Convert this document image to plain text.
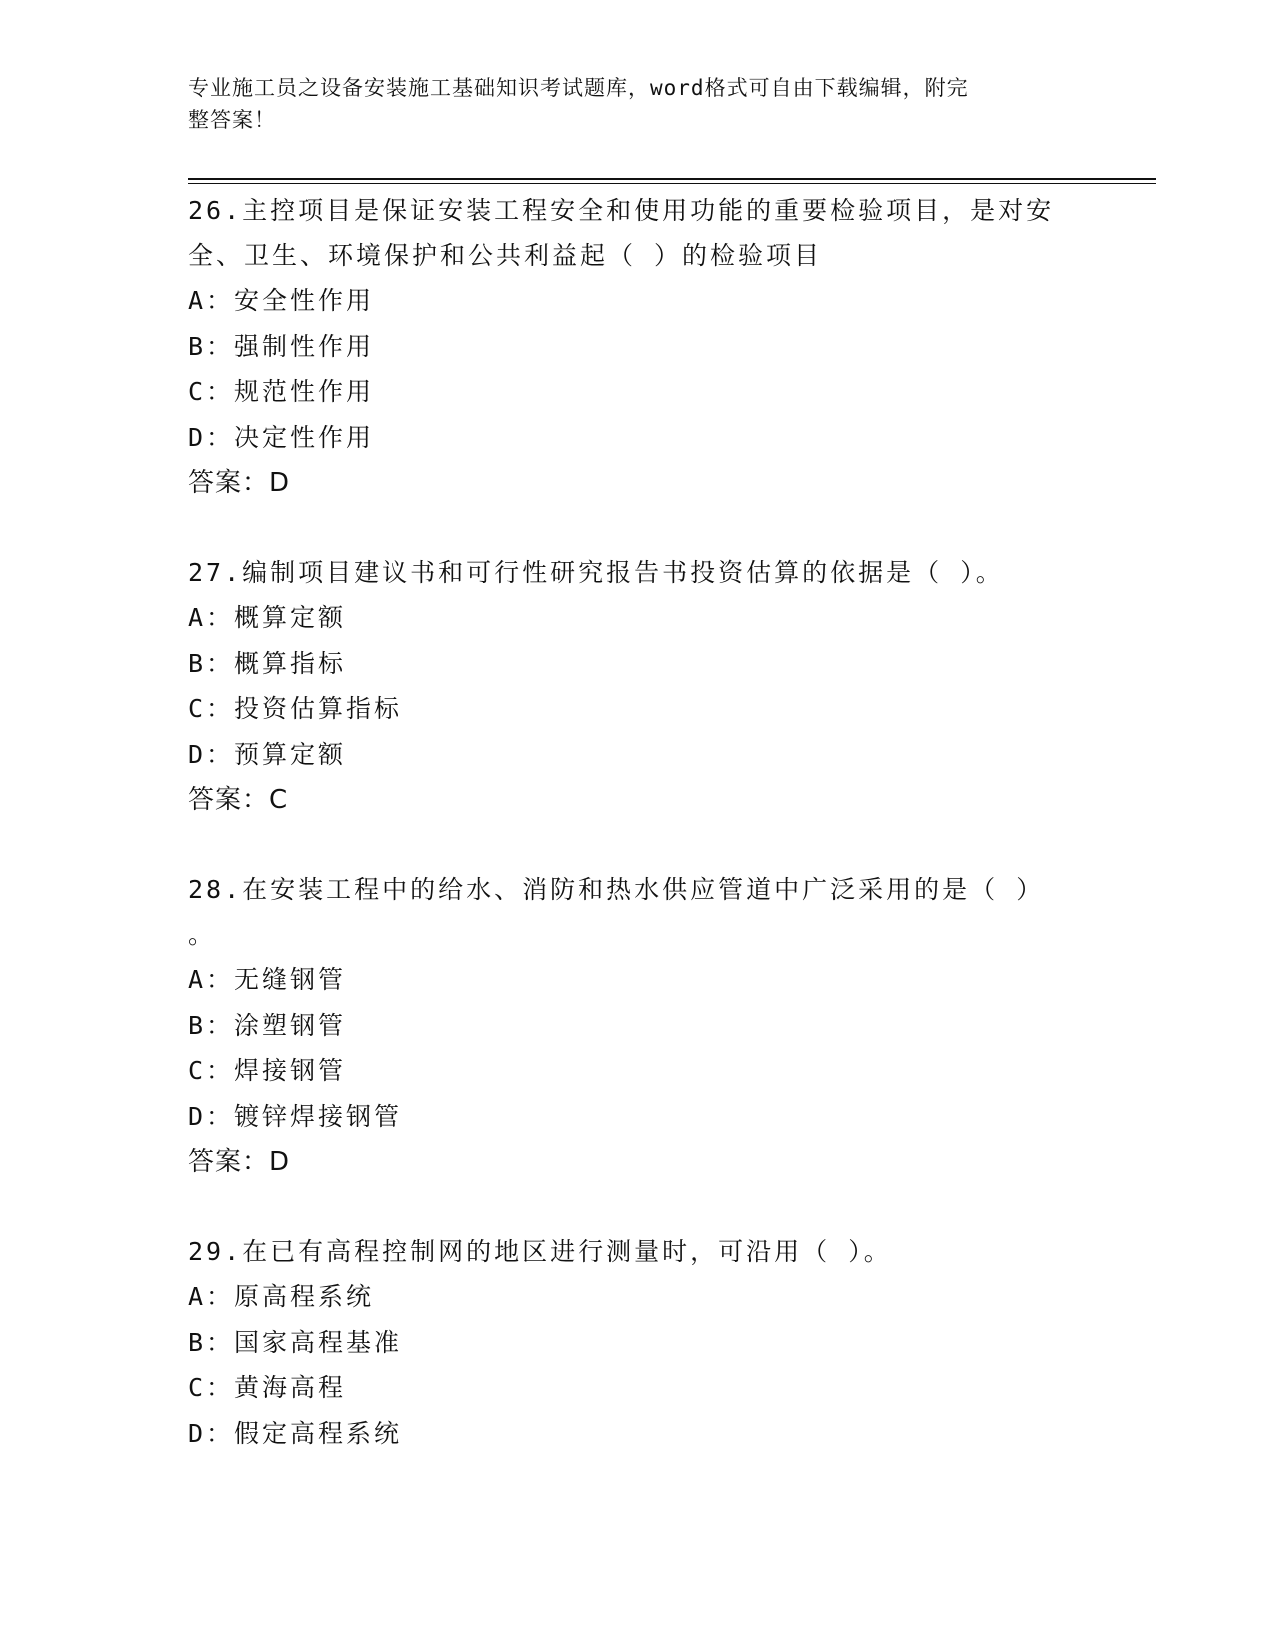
专业施工员之设备安装施工基础知识考试题库，word格式可自由下载编辑，附完
整答案！
26.主控项目是保证安装工程安全和使用功能的重要检验项目，是对安
全、卫生、环境保护和公共利益起（ ）的检验项目
A：安全性作用
B：强制性作用
C：规范性作用
D：决定性作用
答案：D
27.编制项目建议书和可行性研究报告书投资估算的依据是（ ）。
A：概算定额
B：概算指标
C：投资估算指标
D：预算定额
答案：C
28.在安装工程中的给水、消防和热水供应管道中广泛采用的是（ ）
。
A：无缝钢管
B：涂塑钢管
C：焊接钢管
D：镀锌焊接钢管
答案：D
29.在已有高程控制网的地区进行测量时，可沿用（ ）。
A：原高程系统
B：国家高程基准
C：黄海高程
D：假定高程系统
